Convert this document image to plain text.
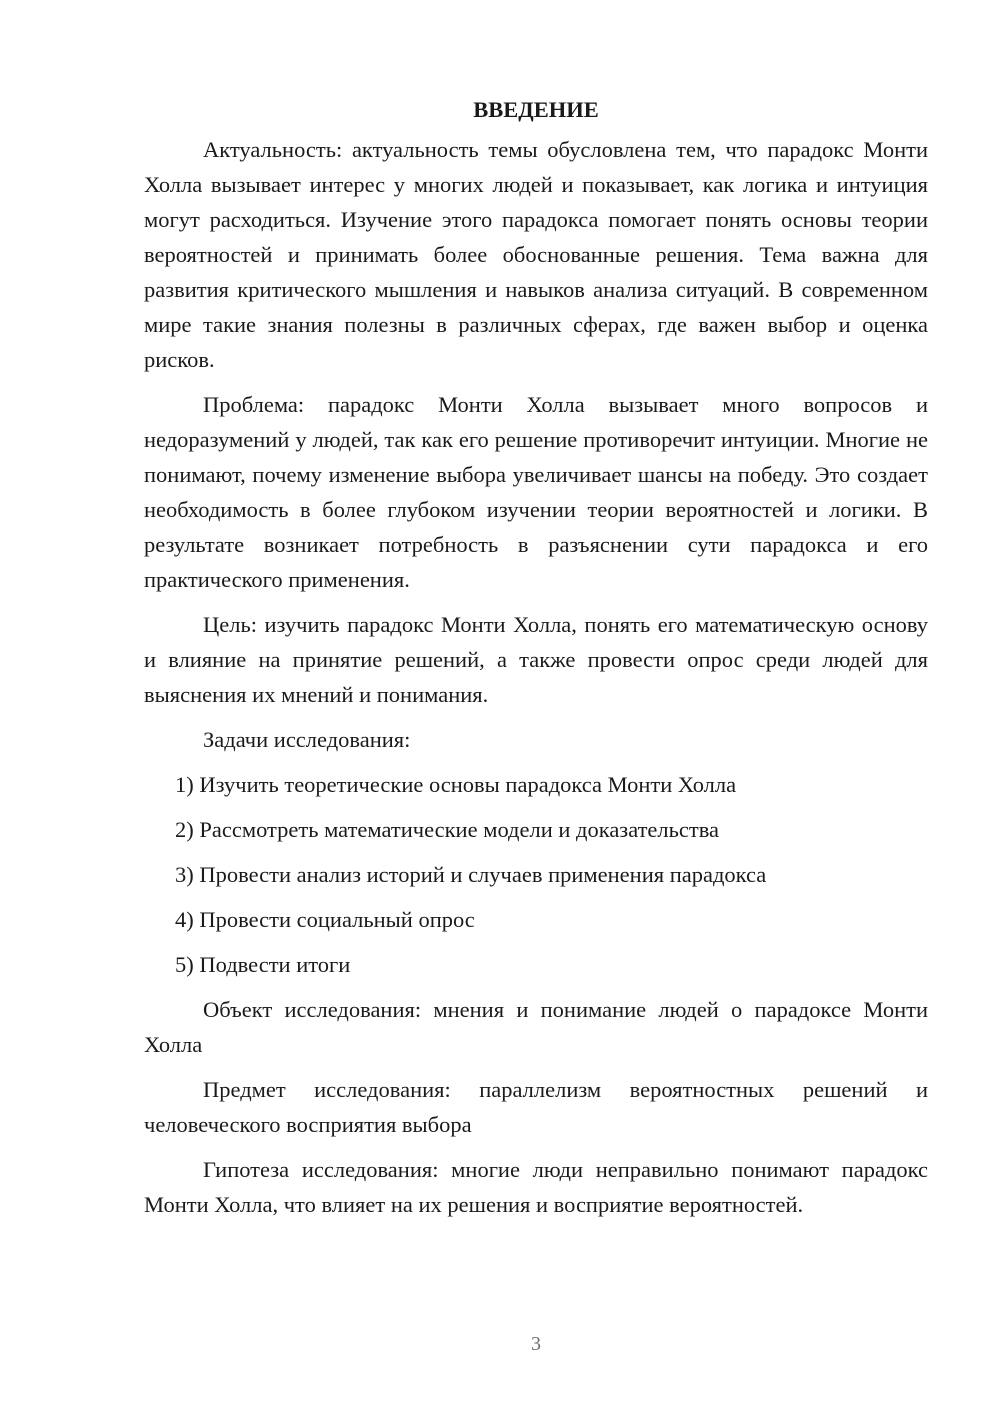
ВВЕДЕНИЕ

Актуальность: актуальность темы обусловлена тем, что парадокс Монти Холла вызывает интерес у многих людей и показывает, как логика и интуиция могут расходиться. Изучение этого парадокса помогает понять основы теории вероятностей и принимать более обоснованные решения. Тема важна для развития критического мышления и навыков анализа ситуаций. В современном мире такие знания полезны в различных сферах, где важен выбор и оценка рисков.

Проблема: парадокс Монти Холла вызывает много вопросов и недоразумений у людей, так как его решение противоречит интуиции. Многие не понимают, почему изменение выбора увеличивает шансы на победу. Это создает необходимость в более глубоком изучении теории вероятностей и логики. В результате возникает потребность в разъяснении сути парадокса и его практического применения.

Цель: изучить парадокс Монти Холла, понять его математическую основу и влияние на принятие решений, а также провести опрос среди людей для выяснения их мнений и понимания.

Задачи исследования:

1) Изучить теоретические основы парадокса Монти Холла
2) Рассмотреть математические модели и доказательства
3) Провести анализ историй и случаев применения парадокса
4) Провести социальный опрос
5) Подвести итоги

Объект исследования: мнения и понимание людей о парадоксе Монти Холла

Предмет исследования: параллелизм вероятностных решений и человеческого восприятия выбора

Гипотеза исследования: многие люди неправильно понимают парадокс Монти Холла, что влияет на их решения и восприятие вероятностей.

3
